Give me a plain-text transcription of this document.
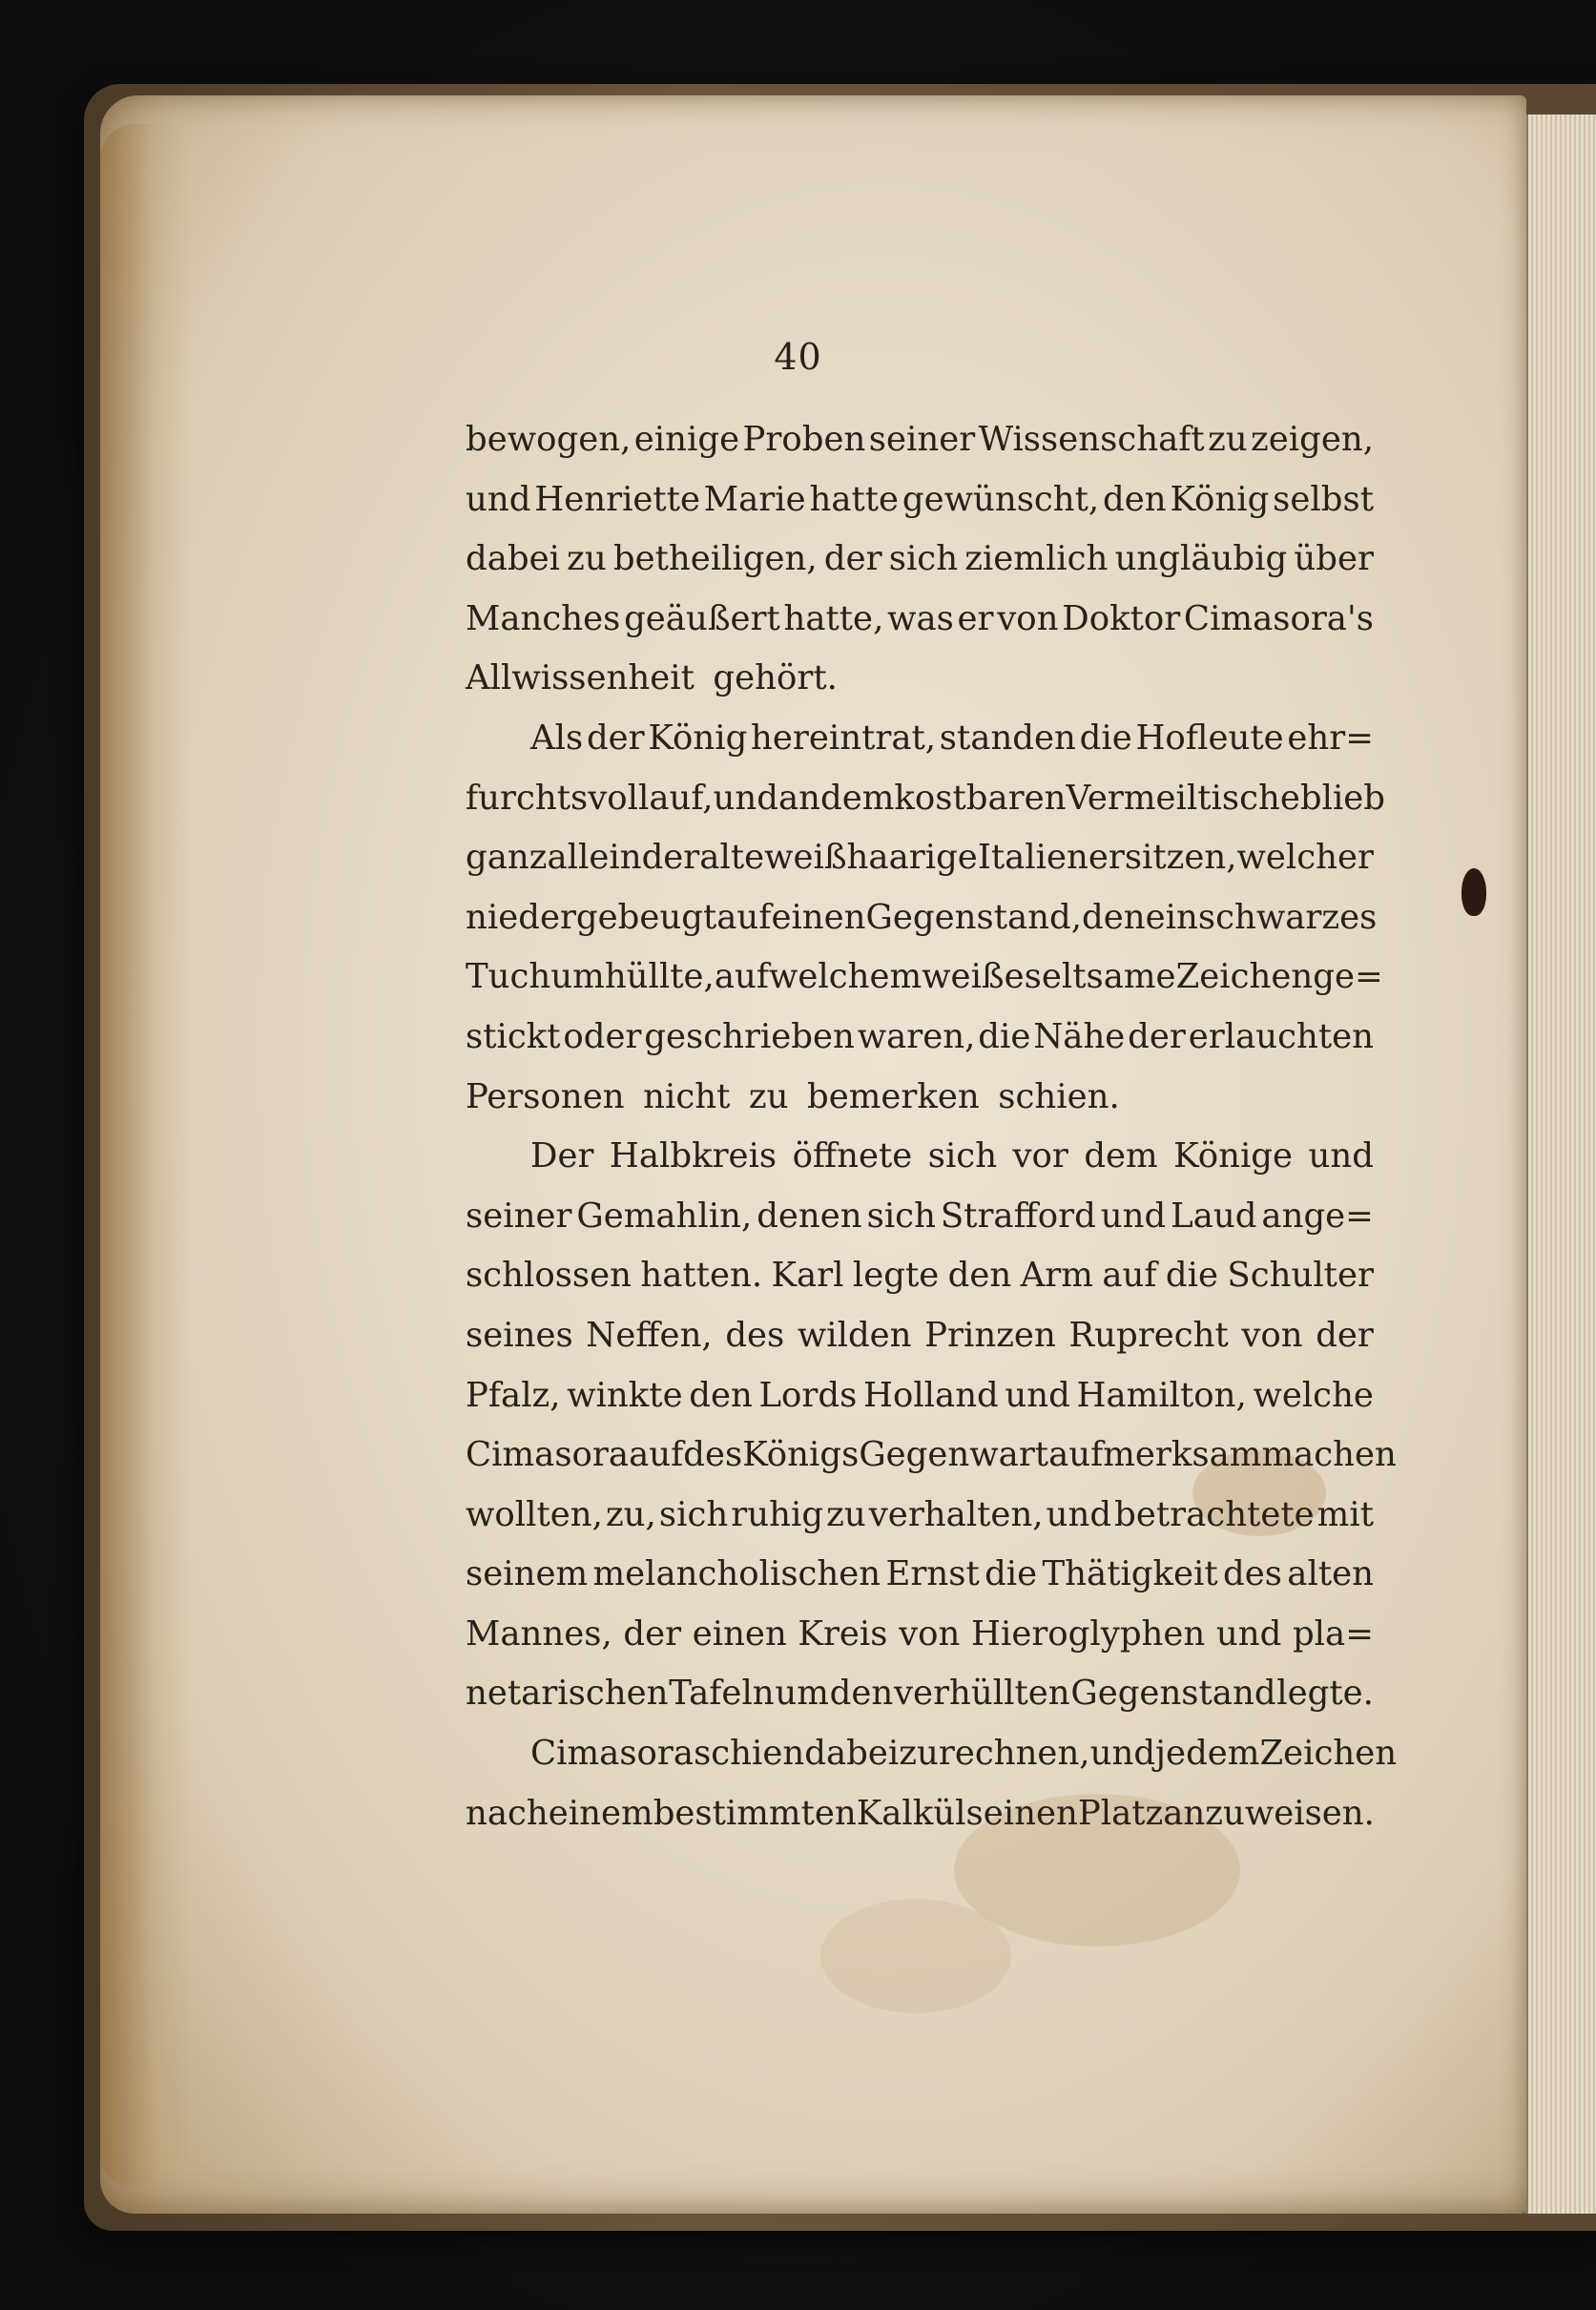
40
bewogen, einige Proben seiner Wissenschaft zu zeigen,
und Henriette Marie hatte gewünscht, den König selbst
dabei zu betheiligen, der sich ziemlich ungläubig über
Manches geäußert hatte, was er von Doktor Cimasora's
Allwissenheit gehört.
Als der König hereintrat, standen die Hofleute ehr=
furchtsvoll auf, und an dem kostbaren Vermeiltische blieb
ganz allein der alte weißhaarige Italiener sitzen, welcher
niedergebeugt auf einen Gegenstand, den ein schwarzes
Tuch umhüllte, auf welchem weiße seltsame Zeichen ge=
stickt oder geschrieben waren, die Nähe der erlauchten
Personen nicht zu bemerken schien.
Der Halbkreis öffnete sich vor dem Könige und
seiner Gemahlin, denen sich Strafford und Laud ange=
schlossen hatten. Karl legte den Arm auf die Schulter
seines Neffen, des wilden Prinzen Ruprecht von der
Pfalz, winkte den Lords Holland und Hamilton, welche
Cimasora auf des Königs Gegenwart aufmerksam machen
wollten, zu, sich ruhig zu verhalten, und betrachtete mit
seinem melancholischen Ernst die Thätigkeit des alten
Mannes, der einen Kreis von Hieroglyphen und pla=
netarischen Tafeln um den verhüllten Gegenstand legte.
Cimasora schien dabei zu rechnen, und jedem Zeichen
nach einem bestimmten Kalkül seinen Platz anzuweisen.
